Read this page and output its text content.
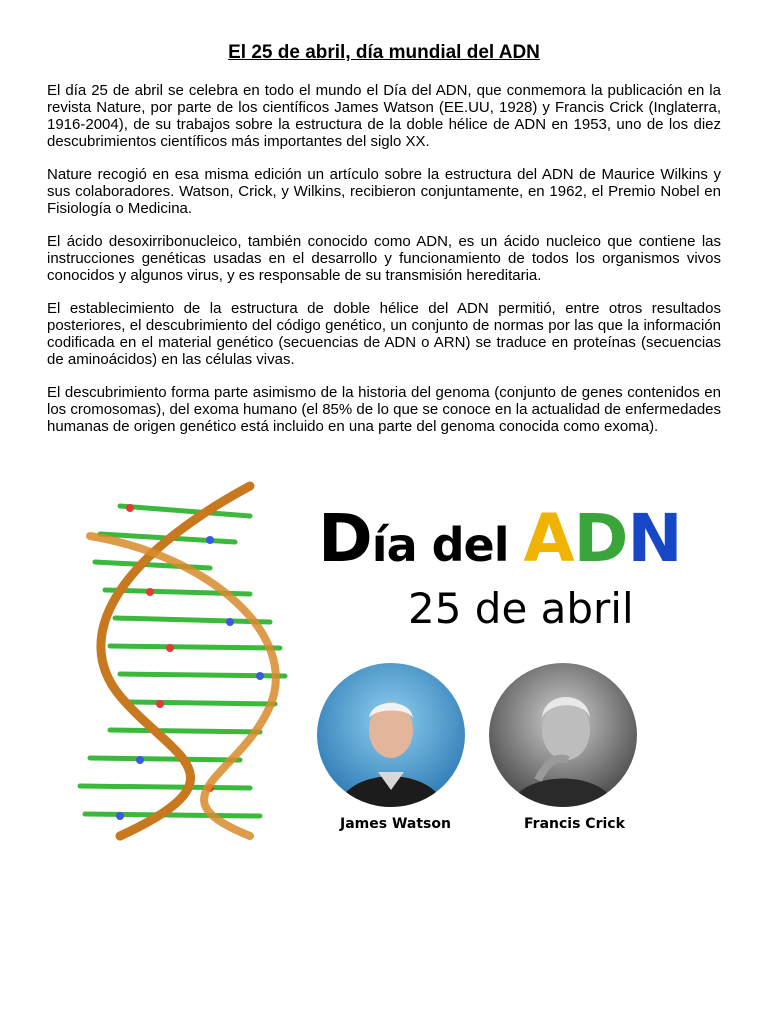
El 25 de abril, día mundial del ADN

El día 25 de abril se celebra en todo el mundo el Día del ADN, que conmemora la publicación en la revista Nature, por parte de los científicos James Watson (EE.UU, 1928) y Francis Crick (Inglaterra, 1916-2004), de su trabajos sobre la estructura de la doble hélice de ADN en 1953, uno de los diez descubrimientos científicos más importantes del siglo XX.

Nature recogió en esa misma edición un artículo sobre la estructura del ADN de Maurice Wilkins y sus colaboradores. Watson, Crick, y Wilkins, recibieron conjuntamente, en 1962, el Premio Nobel en Fisiología o Medicina.

El ácido desoxirribonucleico, también conocido como ADN, es un ácido nucleico que contiene las instrucciones genéticas usadas en el desarrollo y funcionamiento de todos los organismos vivos conocidos y algunos virus, y es responsable de su transmisión hereditaria.

El establecimiento de la estructura de doble hélice del ADN permitió, entre otros resultados posteriores, el descubrimiento del código genético, un conjunto de normas por las que la información codificada en el material genético (secuencias de ADN o ARN) se traduce en proteínas (secuencias de aminoácidos) en las células vivas.

El descubrimiento forma parte asimismo de la historia del genoma (conjunto de genes contenidos en los cromosomas), del exoma humano (el 85% de lo que se conoce en la actualidad de enfermedades humanas de origen genético está incluido en una parte del genoma conocida como exoma).

Día del ADN
25 de abril
James Watson	Francis Crick
